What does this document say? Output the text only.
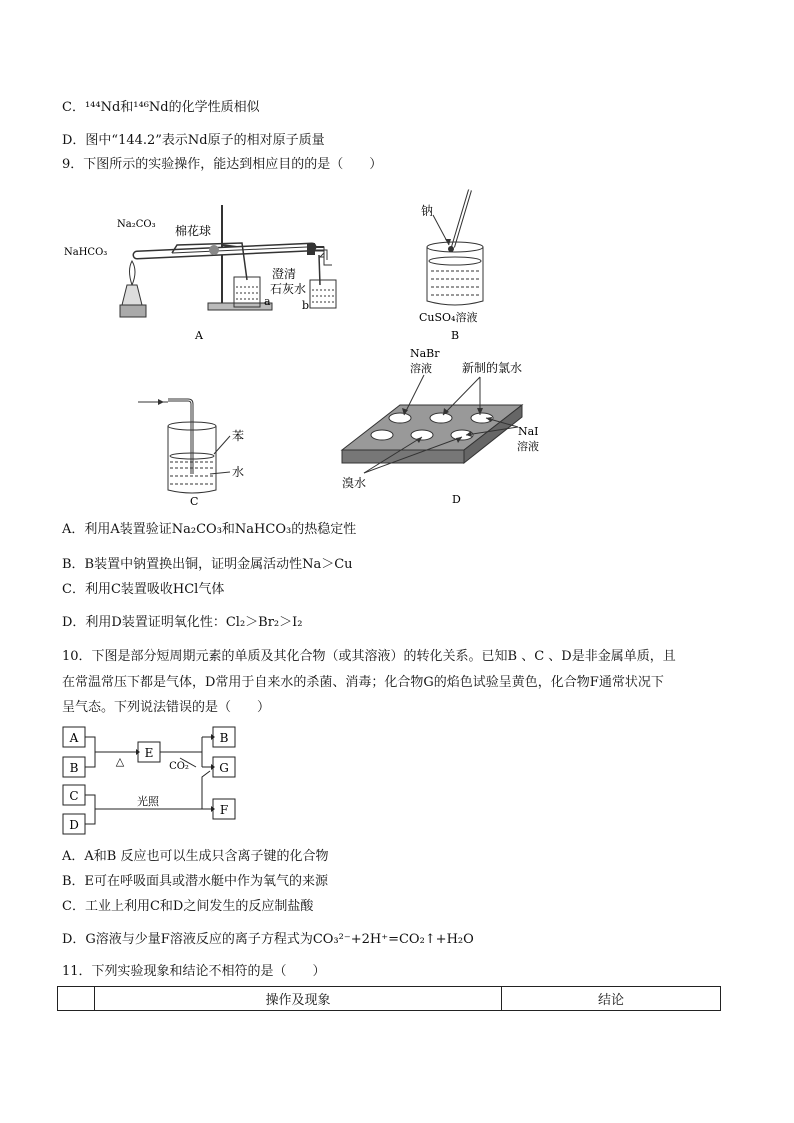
C．¹⁴⁴Nd和¹⁴⁶Nd的化学性质相似
D．图中“144.2”表示Nd原子的相对原子质量
9．下图所示的实验操作，能达到相应目的的是（　　）
Na₂CO₃
NaHCO₃
棉花球
澄清
石灰水
a	b
A
钠
CuSO₄溶液
B
苯
水
C
NaBr
溶液	新制的氯水
NaI
溶液
溴水
D
A．利用A装置验证Na₂CO₃和NaHCO₃的热稳定性
B．B装置中钠置换出铜，证明金属活动性Na＞Cu
C．利用C装置吸收HCl气体
D．利用D装置证明氧化性：Cl₂＞Br₂＞I₂
10．下图是部分短周期元素的单质及其化合物（或其溶液）的转化关系。已知B 、C 、D是非金属单质，且
在常温常压下都是气体，D常用于自来水的杀菌、消毒；化合物G的焰色试验呈黄色，化合物F通常状况下
呈气态。下列说法错误的是（　　）
A
B
E
B
G
C
D
F
△	CO₂
光照
A．A和B 反应也可以生成只含离子键的化合物
B．E可在呼吸面具或潜水艇中作为氧气的来源
C．工业上利用C和D之间发生的反应制盐酸
D．G溶液与少量F溶液反应的离子方程式为CO₃²⁻+2H⁺=CO₂↑+H₂O
11．下列实验现象和结论不相符的是（　　）
	操作及现象	结论
